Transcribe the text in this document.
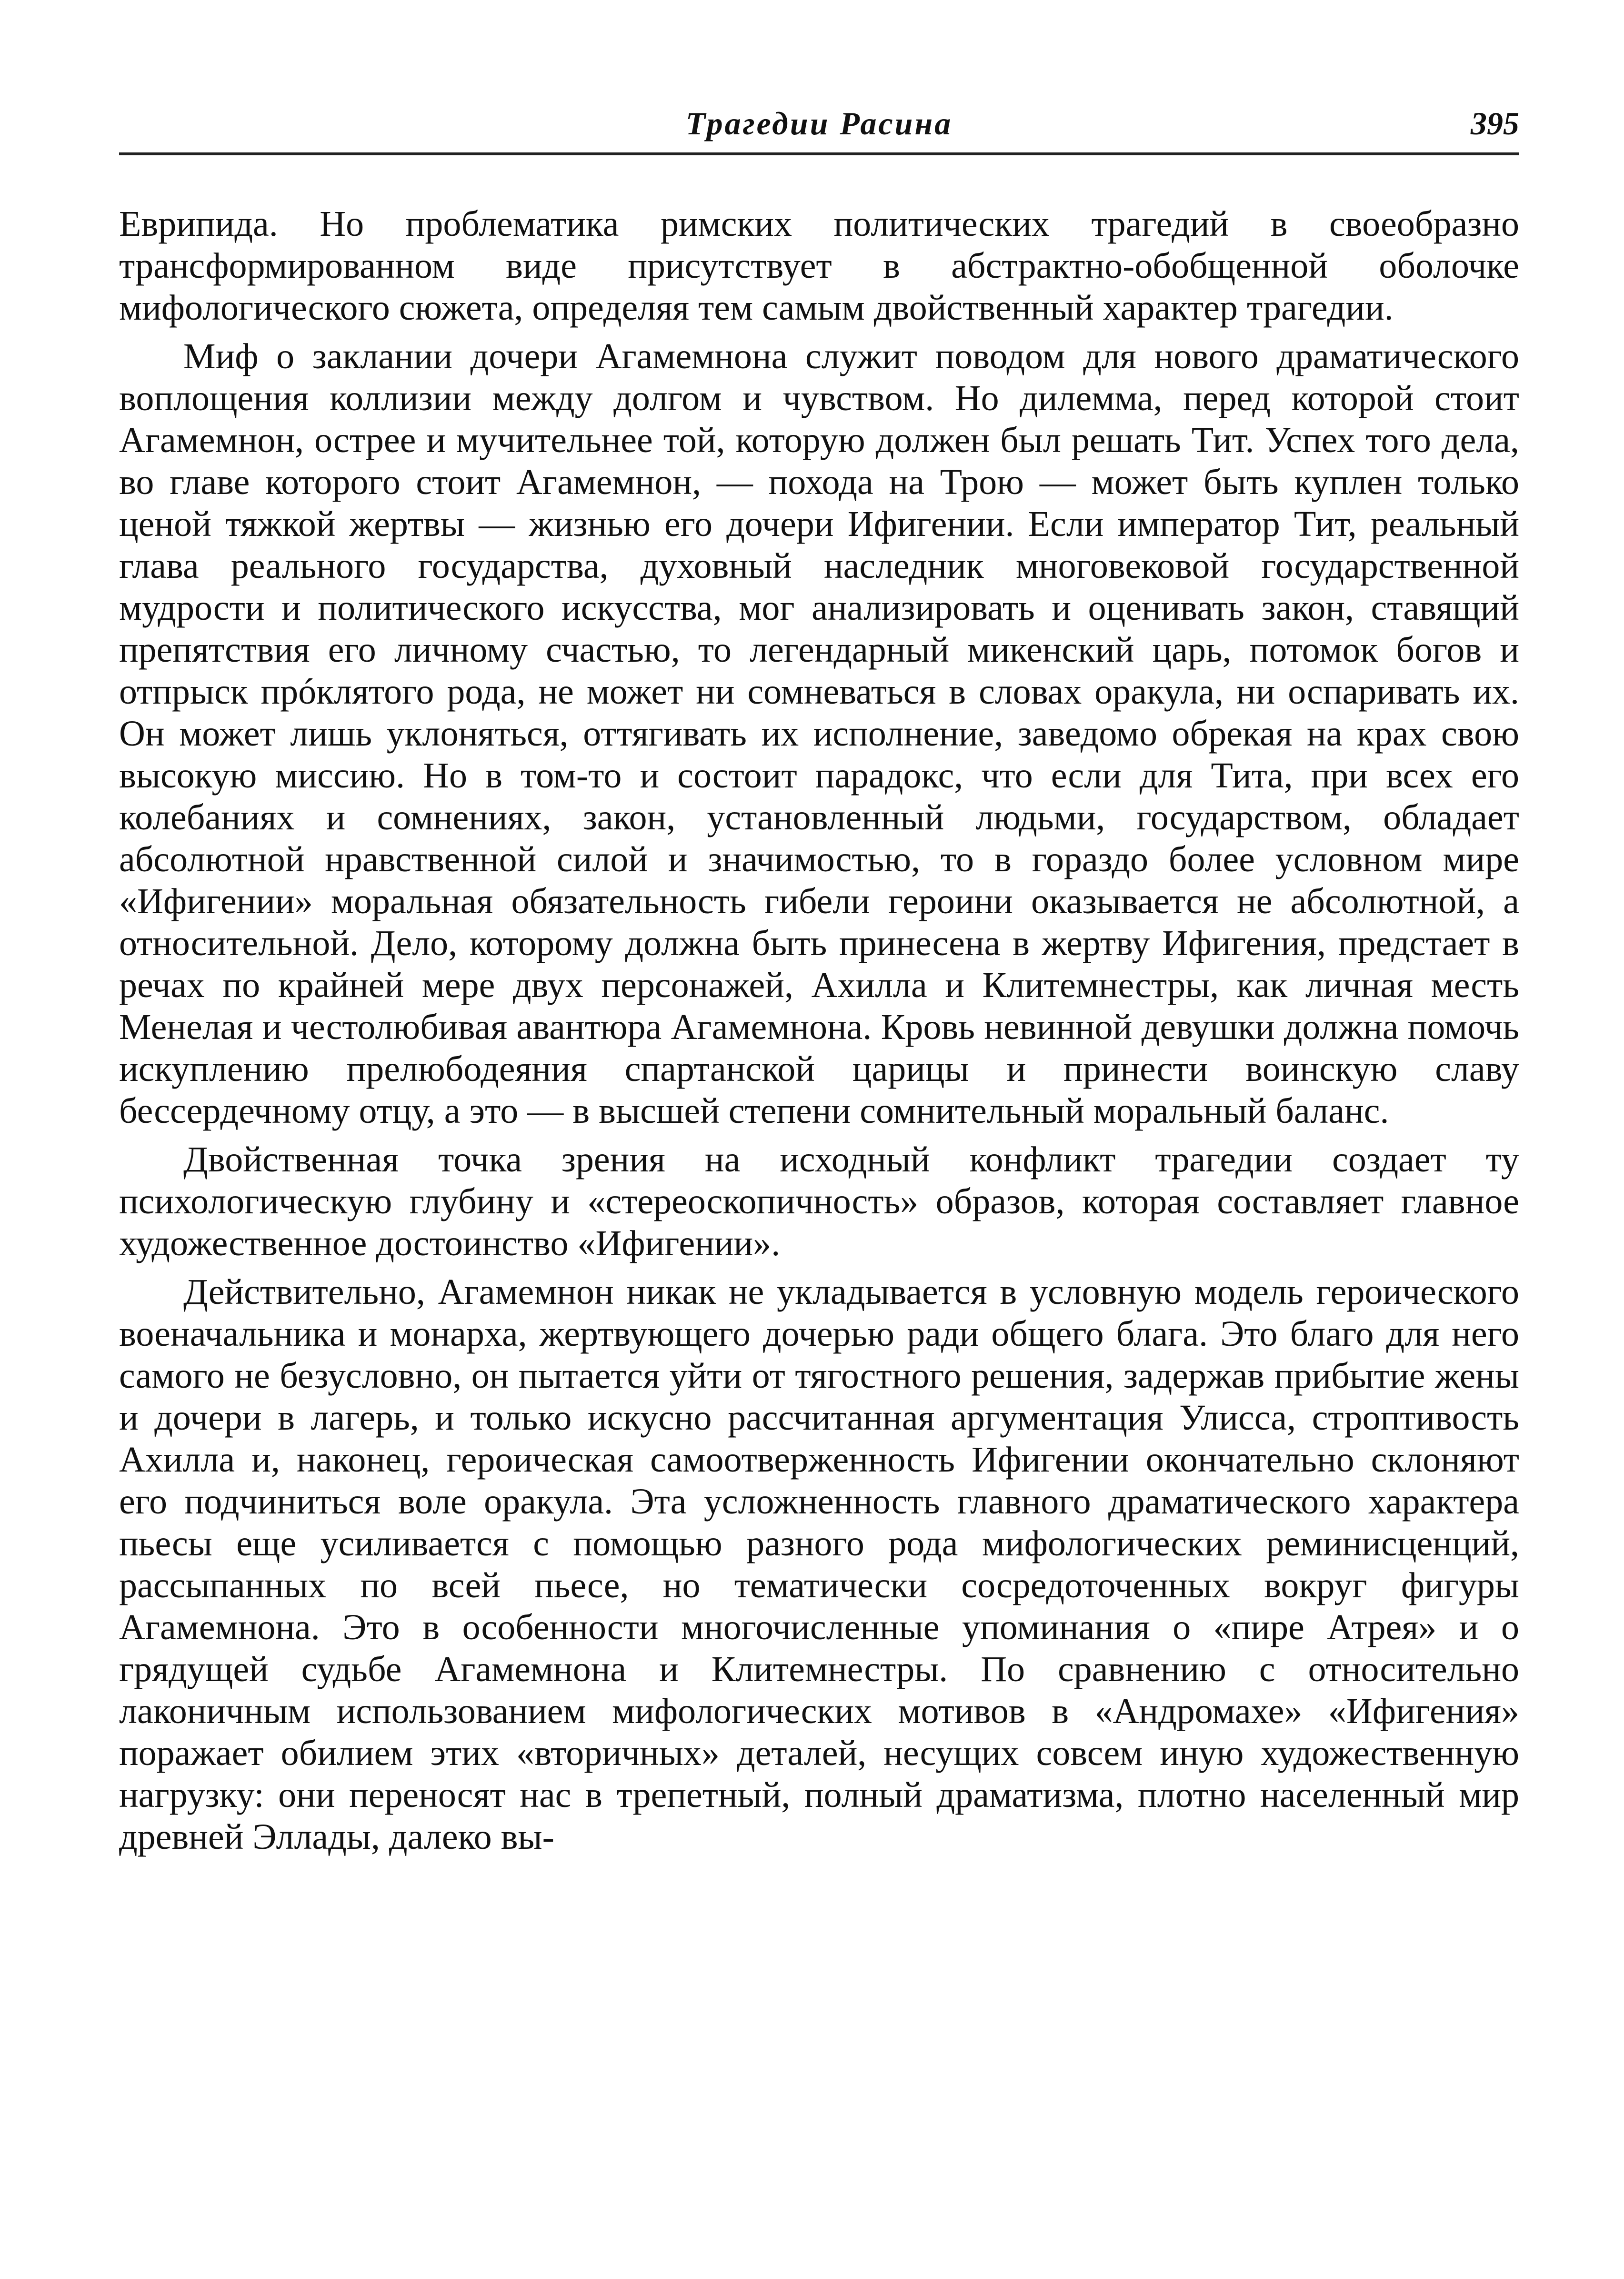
Трагедии Расина	395

Еврипида. Но проблематика римских политических трагедий в своеобразно трансформированном виде присутствует в абстрактно-обобщенной оболочке мифологического сюжета, определяя тем самым двойственный характер трагедии.

Миф о заклании дочери Агамемнона служит поводом для нового драматического воплощения коллизии между долгом и чувством. Но дилемма, перед которой стоит Агамемнон, острее и мучительнее той, которую должен был решать Тит. Успех того дела, во главе которого стоит Агамемнон, — похода на Трою — может быть куплен только ценой тяжкой жертвы — жизнью его дочери Ифигении. Если император Тит, реальный глава реального государства, духовный наследник многовековой государственной мудрости и политического искусства, мог анализировать и оценивать закон, ставящий препятствия его личному счастью, то легендарный микенский царь, потомок богов и отпрыск прóклятого рода, не может ни сомневаться в словах оракула, ни оспаривать их. Он может лишь уклоняться, оттягивать их исполнение, заведомо обрекая на крах свою высокую миссию. Но в том-то и состоит парадокс, что если для Тита, при всех его колебаниях и сомнениях, закон, установленный людьми, государством, обладает абсолютной нравственной силой и значимостью, то в гораздо более условном мире «Ифигении» моральная обязательность гибели героини оказывается не абсолютной, а относительной. Дело, которому должна быть принесена в жертву Ифигения, предстает в речах по крайней мере двух персонажей, Ахилла и Клитемнестры, как личная месть Менелая и честолюбивая авантюра Агамемнона. Кровь невинной девушки должна помочь искуплению прелюбодеяния спартанской царицы и принести воинскую славу бессердечному отцу, а это — в высшей степени сомнительный моральный баланс.

Двойственная точка зрения на исходный конфликт трагедии создает ту психологическую глубину и «стереоскопичность» образов, которая составляет главное художественное достоинство «Ифигении».

Действительно, Агамемнон никак не укладывается в условную модель героического военачальника и монарха, жертвующего дочерью ради общего блага. Это благо для него самого не безусловно, он пытается уйти от тягостного решения, задержав прибытие жены и дочери в лагерь, и только искусно рассчитанная аргументация Улисса, строптивость Ахилла и, наконец, героическая самоотверженность Ифигении окончательно склоняют его подчиниться воле оракула. Эта усложненность главного драматического характера пьесы еще усиливается с помощью разного рода мифологических реминисценций, рассыпанных по всей пьесе, но тематически сосредоточенных вокруг фигуры Агамемнона. Это в особенности многочисленные упоминания о «пире Атрея» и о грядущей судьбе Агамемнона и Клитемнестры. По сравнению с относительно лаконичным использованием мифологических мотивов в «Андромахе» «Ифигения» поражает обилием этих «вторичных» деталей, несущих совсем иную художественную нагрузку: они переносят нас в трепетный, полный драматизма, плотно населенный мир древней Эллады, далеко вы-
